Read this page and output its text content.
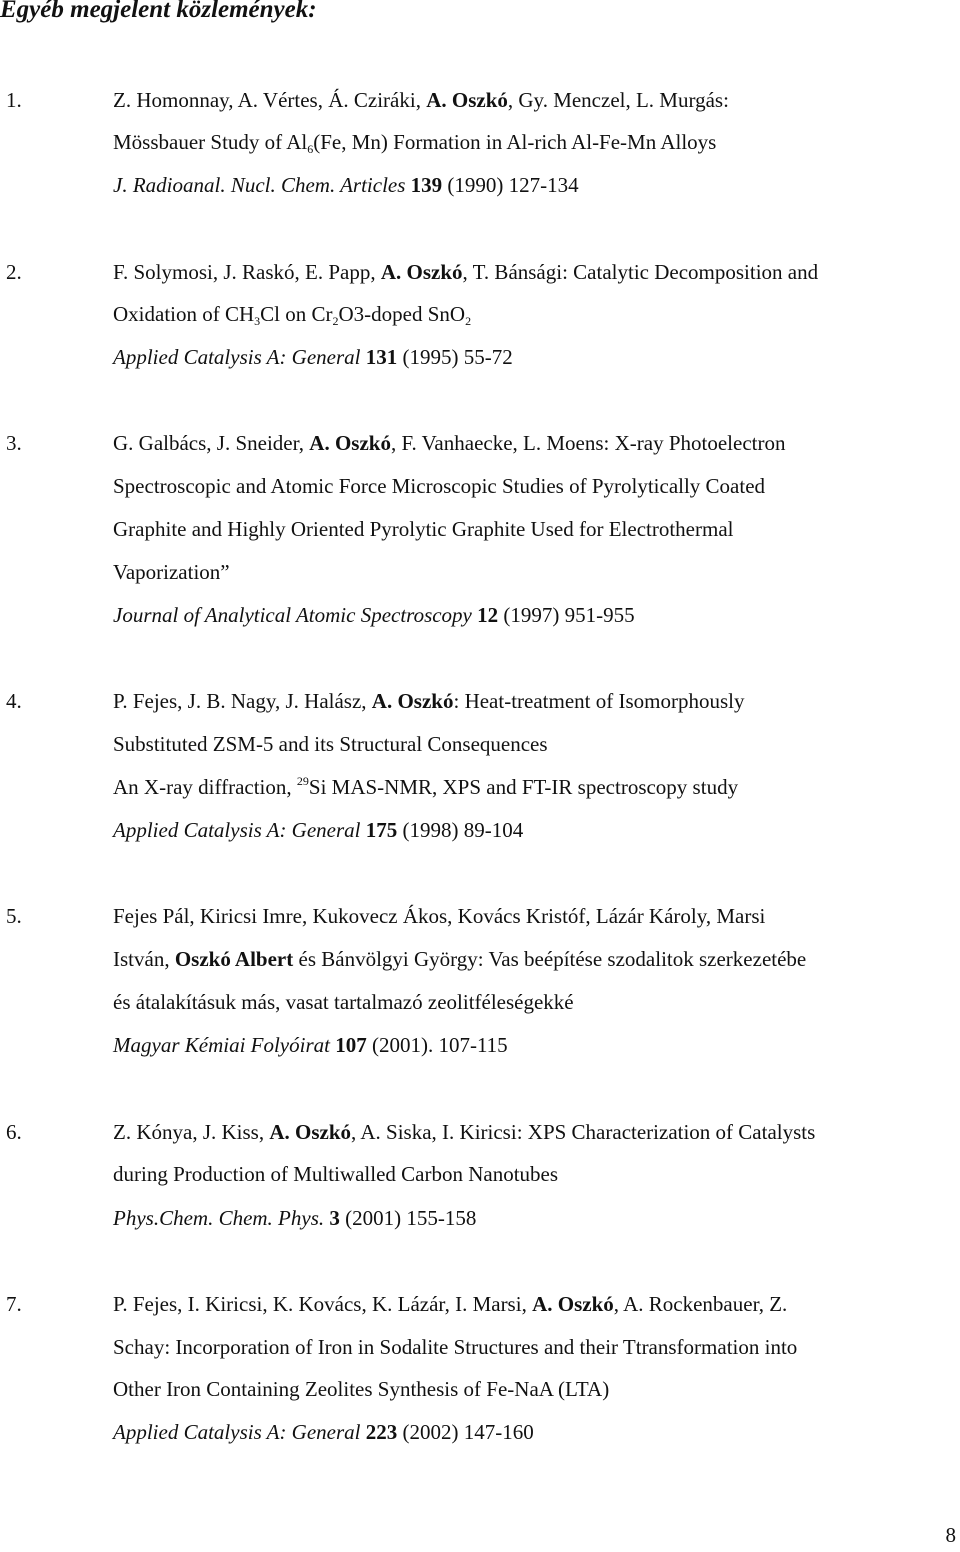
Egyéb megjelent közlemények:
1.	Z. Homonnay, A. Vértes, Á. Cziráki, A. Oszkó, Gy. Menczel, L. Murgás:
Mössbauer Study of $Al_6(Fe$, Mn) Formation in Al-rich Al-Fe-Mn Alloys
J. Radioanal. Nucl. Chem. Articles 139 (1990) 127-134
2.	F. Solymosi, J. Raskó, E. Papp, A. Oszkó, T. Bánsági: Catalytic Decomposition and
Oxidation of $CH_3Cl$ on $Cr_2O3$-doped SnO$_2$
Applied Catalysis A: General 131 (1995) 55-72
3.	G. Galbács, J. Sneider, A. Oszkó, F. Vanhaecke, L. Moens: X-ray Photoelectron
Spectroscopic and Atomic Force Microscopic Studies of Pyrolytically Coated
Graphite and Highly Oriented Pyrolytic Graphite Used for Electrothermal
Vaporization”
Journal of Analytical Atomic Spectroscopy 12 (1997) 951-955
4.	P. Fejes, J. B. Nagy, J. Halász, A. Oszkó: Heat-treatment of Isomorphously
Substituted ZSM-5 and its Structural Consequences
An X-ray diffraction, $^{29}$Si MAS-NMR, XPS and FT-IR spectroscopy study
Applied Catalysis A: General 175 (1998) 89-104
5.	Fejes Pál, Kiricsi Imre, Kukovecz Ákos, Kovács Kristóf, Lázár Károly, Marsi
István, Oszkó Albert és Bánvölgyi György: Vas beépítése szodalitok szerkezetébe
és átalakításuk más, vasat tartalmazó zeolitféleségekké
Magyar Kémiai Folyóirat 107 (2001). 107-115
6.	Z. Kónya, J. Kiss, A. Oszkó, A. Siska, I. Kiricsi: XPS Characterization of Catalysts
during Production of Multiwalled Carbon Nanotubes
Phys.Chem. Chem. Phys. 3 (2001) 155-158
7.	P. Fejes, I. Kiricsi, K. Kovács, K. Lázár, I. Marsi, A. Oszkó, A. Rockenbauer, Z.
Schay: Incorporation of Iron in Sodalite Structures and their Ttransformation into
Other Iron Containing Zeolites Synthesis of Fe-NaA (LTA)
Applied Catalysis A: General 223 (2002) 147-160
8
